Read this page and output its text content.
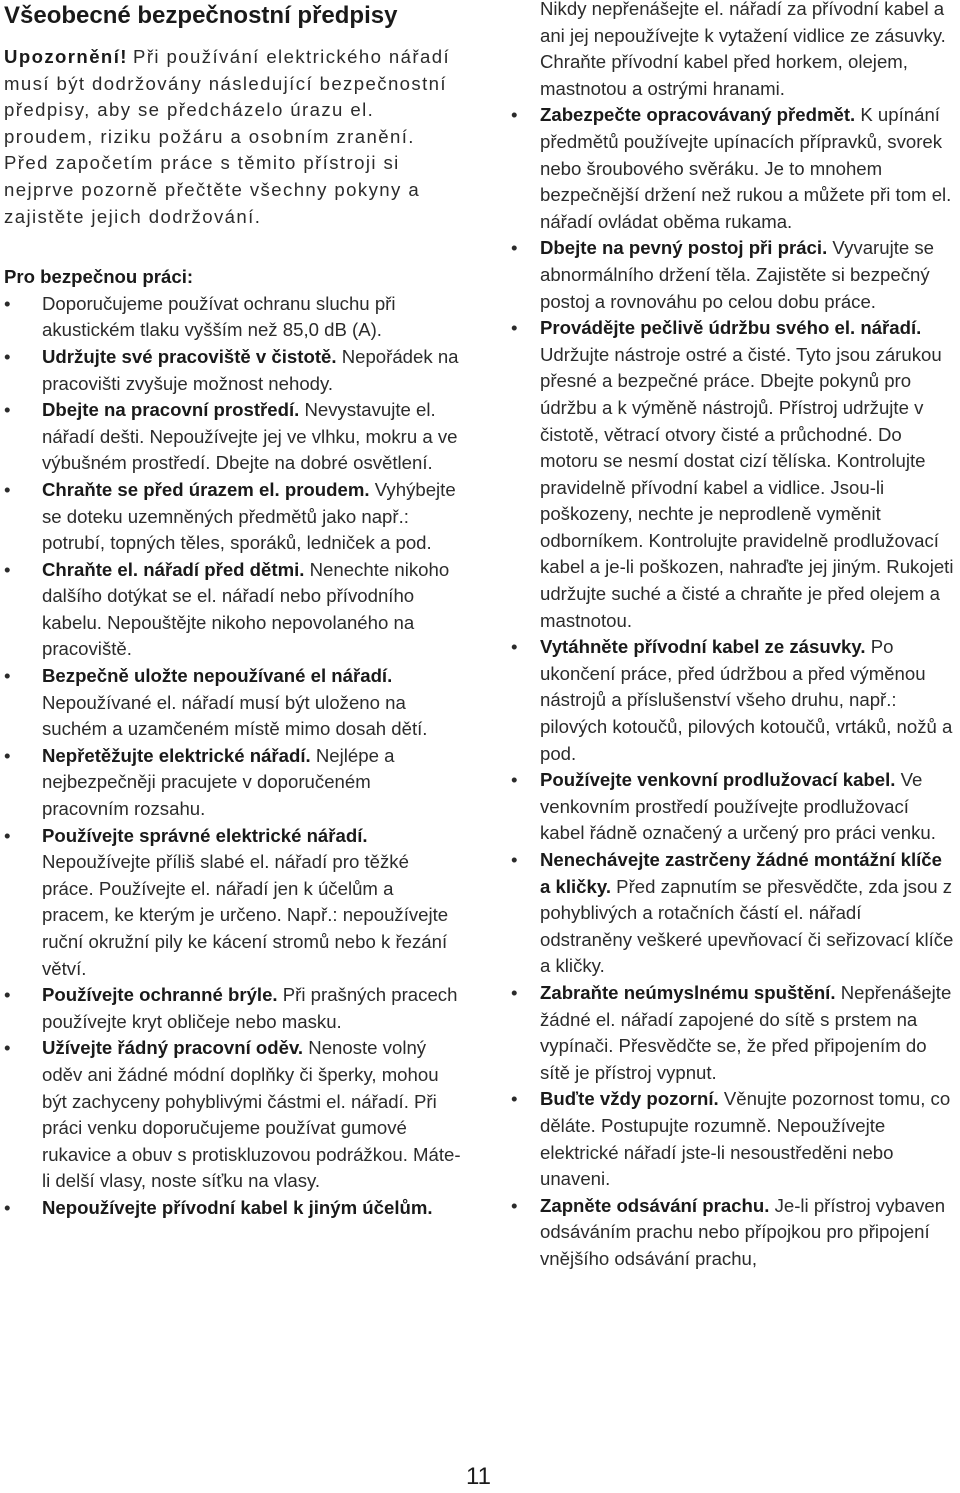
Všeobecné bezpečnostní předpisy

Upozornění! Při používání elektrického nářadí musí být dodržovány následující bezpečnostní předpisy, aby se předcházelo úrazu el. proudem, riziku požáru a osobním zranění. Před započetím práce s těmito přístroji si nejprve pozorně přečtěte všechny pokyny a zajistěte jejich dodržování.

Pro bezpečnou práci:
• Doporučujeme používat ochranu sluchu při akustickém tlaku vyšším než 85,0 dB (A).
• Udržujte své pracoviště v čistotě. Nepořádek na pracovišti zvyšuje možnost nehody.
• Dbejte na pracovní prostředí. Nevystavujte el. nářadí dešti. Nepoužívejte jej ve vlhku, mokru a ve výbušném prostředí. Dbejte na dobré osvětlení.
• Chraňte se před úrazem el. proudem. Vyhýbejte se doteku uzemněných předmětů jako např.: potrubí, topných těles, sporáků, ledniček a pod.
• Chraňte el. nářadí před dětmi. Nenechte nikoho dalšího dotýkat se el. nářadí nebo přívodního kabelu. Nepouštějte nikoho nepovolaného na pracoviště.
• Bezpečně uložte nepoužívané el nářadí. Nepoužívané el. nářadí musí být uloženo na suchém a uzamčeném místě mimo dosah dětí.
• Nepřetěžujte elektrické nářadí. Nejlépe a nejbezpečněji pracujete v doporučeném pracovním rozsahu.
• Používejte správné elektrické nářadí. Nepoužívejte příliš slabé el. nářadí pro těžké práce. Používejte el. nářadí jen k účelům a pracem, ke kterým je určeno. Např.: nepoužívejte ruční okružní pily ke kácení stromů nebo k řezání větví.
• Používejte ochranné brýle. Při prašných pracech používejte kryt obličeje nebo masku.
• Užívejte řádný pracovní oděv. Nenoste volný oděv ani žádné módní doplňky či šperky, mohou být zachyceny pohyblivými částmi el. nářadí. Při práci venku doporučujeme používat gumové rukavice a obuv s protiskluzovou podrážkou. Máte-li delší vlasy, noste síťku na vlasy.
• Nepoužívejte přívodní kabel k jiným účelům.
Nikdy nepřenášejte el. nářadí za přívodní kabel a ani jej nepoužívejte k vytažení vidlice ze zásuvky. Chraňte přívodní kabel před horkem, olejem, mastnotou a ostrými hranami.
• Zabezpečte opracovávaný předmět. K upínání předmětů používejte upínacích přípravků, svorek nebo šroubového svěráku. Je to mnohem bezpečnější držení než rukou a můžete při tom el. nářadí ovládat oběma rukama.
• Dbejte na pevný postoj při práci. Vyvarujte se abnormálního držení těla. Zajistěte si bezpečný postoj a rovnováhu po celou dobu práce.
• Provádějte pečlivě údržbu svého el. nářadí. Udržujte nástroje ostré a čisté. Tyto jsou zárukou přesné a bezpečné práce. Dbejte pokynů pro údržbu a k výměně nástrojů. Přístroj udržujte v čistotě, větrací otvory čisté a průchodné. Do motoru se nesmí dostat cizí tělíska. Kontrolujte pravidelně přívodní kabel a vidlice. Jsou-li poškozeny, nechte je neprodleně vyměnit odborníkem. Kontrolujte pravidelně prodlužovací kabel a je-li poškozen, nahraďte jej jiným. Rukojeti udržujte suché a čisté a chraňte je před olejem a mastnotou.
• Vytáhněte přívodní kabel ze zásuvky. Po ukončení práce, před údržbou a před výměnou nástrojů a příslušenství všeho druhu, např.: pilových kotoučů, pilových kotoučů, vrtáků, nožů a pod.
• Používejte venkovní prodlužovací kabel. Ve venkovním prostředí používejte prodlužovací kabel řádně označený a určený pro práci venku.
• Nenechávejte zastrčeny žádné montážní klíče a kličky. Před zapnutím se přesvědčte, zda jsou z pohyblivých a rotačních částí el. nářadí odstraněny veškeré upevňovací či seřizovací klíče a kličky.
• Zabraňte neúmyslnému spuštění. Nepřenášejte žádné el. nářadí zapojené do sítě s prstem na vypínači. Přesvědčte se, že před připojením do sítě je přístroj vypnut.
• Buďte vždy pozorní. Věnujte pozornost tomu, co děláte. Postupujte rozumně. Nepoužívejte elektrické nářadí jste-li nesoustředěni nebo unaveni.
• Zapněte odsávání prachu. Je-li přístroj vybaven odsáváním prachu nebo přípojkou pro připojení vnějšího odsávání prachu,
11
